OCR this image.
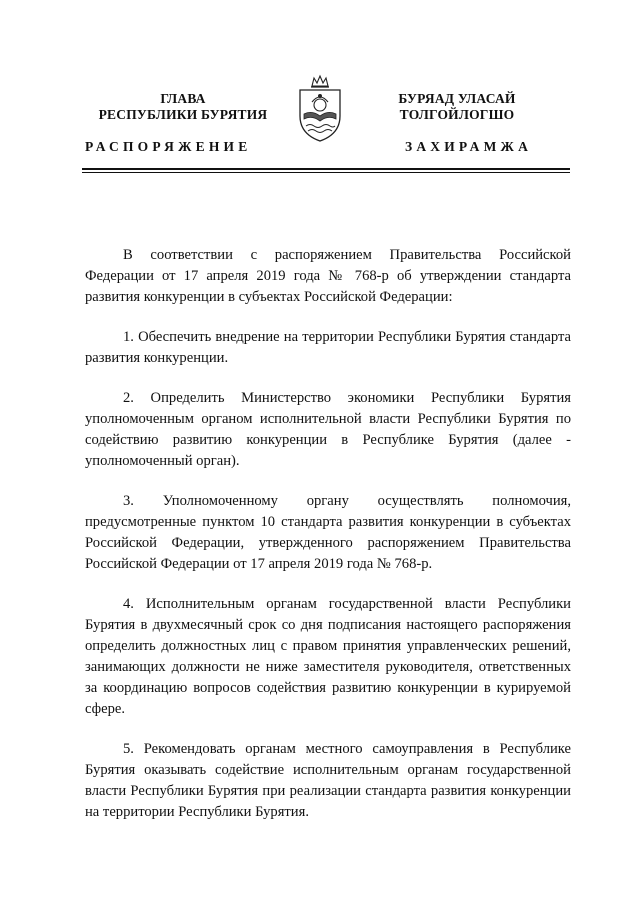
ГЛАВА
РЕСПУБЛИКИ БУРЯТИЯ
БУРЯАД УЛАСАЙ
ТОЛГОЙЛОГШО
РАСПОРЯЖЕНИЕ	ЗАХИРАМЖА

В соответствии с распоряжением Правительства Российской Федерации от 17 апреля 2019 года № 768-р об утверждении стандарта развития конкуренции в субъектах Российской Федерации:

1. Обеспечить внедрение на территории Республики Бурятия стандарта развития конкуренции.

2. Определить Министерство экономики Республики Бурятия уполномоченным органом исполнительной власти Республики Бурятия по содействию развитию конкуренции в Республике Бурятия (далее - уполномоченный орган).

3. Уполномоченному органу осуществлять полномочия, предусмотренные пунктом 10 стандарта развития конкуренции в субъектах Российской Федерации, утвержденного распоряжением Правительства Российской Федерации от 17 апреля 2019 года № 768-р.

4. Исполнительным органам государственной власти Республики Бурятия в двухмесячный срок со дня подписания настоящего распоряжения определить должностных лиц с правом принятия управленческих решений, занимающих должности не ниже заместителя руководителя, ответственных за координацию вопросов содействия развитию конкуренции в курируемой сфере.

5. Рекомендовать органам местного самоуправления в Республике Бурятия оказывать содействие исполнительным органам государственной власти Республики Бурятия при реализации стандарта развития конкуренции на территории Республики Бурятия.
